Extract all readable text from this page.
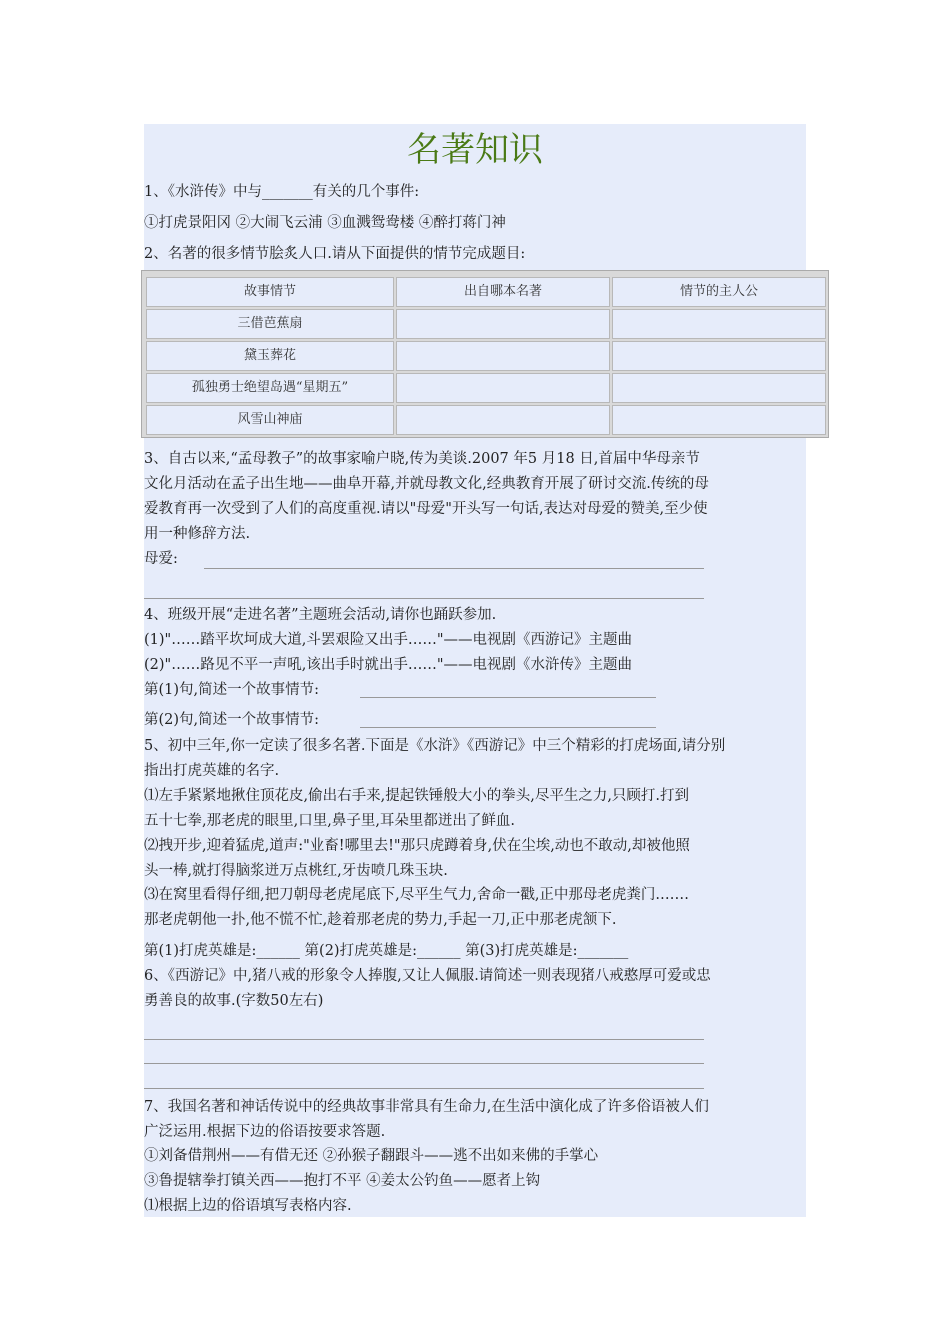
名著知识
1、《水浒传》中与_______有关的几个事件:
①打虎景阳冈 ②大闹飞云浦 ③血溅鸳鸯楼 ④醉打蒋门神
2、名著的很多情节脍炙人口.请从下面提供的情节完成题目:
故事情节	出自哪本名著	情节的主人公
三借芭蕉扇
黛玉葬花
孤独勇士绝望岛遇“星期五”
风雪山神庙
3、自古以来,“孟母教子”的故事家喻户晓,传为美谈.2007 年5 月18 日,首届中华母亲节
文化月活动在孟子出生地——曲阜开幕,并就母教文化,经典教育开展了研讨交流.传统的母
爱教育再一次受到了人们的高度重视.请以"母爱"开头写一句话,表达对母爱的赞美,至少使
用一种修辞方法.
母爱:
4、班级开展“走进名著”主题班会活动,请你也踊跃参加.
(1)"……踏平坎坷成大道,斗罢艰险又出手……"——电视剧《西游记》主题曲
(2)"……路见不平一声吼,该出手时就出手……"——电视剧《水浒传》主题曲
第(1)句,简述一个故事情节:
第(2)句,简述一个故事情节:
5、初中三年,你一定读了很多名著.下面是《水浒》《西游记》中三个精彩的打虎场面,请分别
指出打虎英雄的名字.
⑴左手紧紧地揪住顶花皮,偷出右手来,提起铁锤般大小的拳头,尽平生之力,只顾打.打到
五十七拳,那老虎的眼里,口里,鼻子里,耳朵里都迸出了鲜血.
⑵拽开步,迎着猛虎,道声:"业畜!哪里去!"那只虎蹲着身,伏在尘埃,动也不敢动,却被他照
头一棒,就打得脑浆迸万点桃红,牙齿喷几珠玉块.
⑶在窝里看得仔细,把刀朝母老虎尾底下,尽平生气力,舍命一戳,正中那母老虎粪门.……
那老虎朝他一扑,他不慌不忙,趁着那老虎的势力,手起一刀,正中那老虎颔下.
第(1)打虎英雄是:______ 第(2)打虎英雄是:______ 第(3)打虎英雄是:_______
6、《西游记》中,猪八戒的形象令人捧腹,又让人佩服.请简述一则表现猪八戒憨厚可爱或忠
勇善良的故事.(字数50左右)
7、我国名著和神话传说中的经典故事非常具有生命力,在生活中演化成了许多俗语被人们
广泛运用.根据下边的俗语按要求答题.
①刘备借荆州——有借无还 ②孙猴子翻跟斗——逃不出如来佛的手掌心
③鲁提辖拳打镇关西——抱打不平 ④姜太公钓鱼——愿者上钩
⑴根据上边的俗语填写表格内容.
